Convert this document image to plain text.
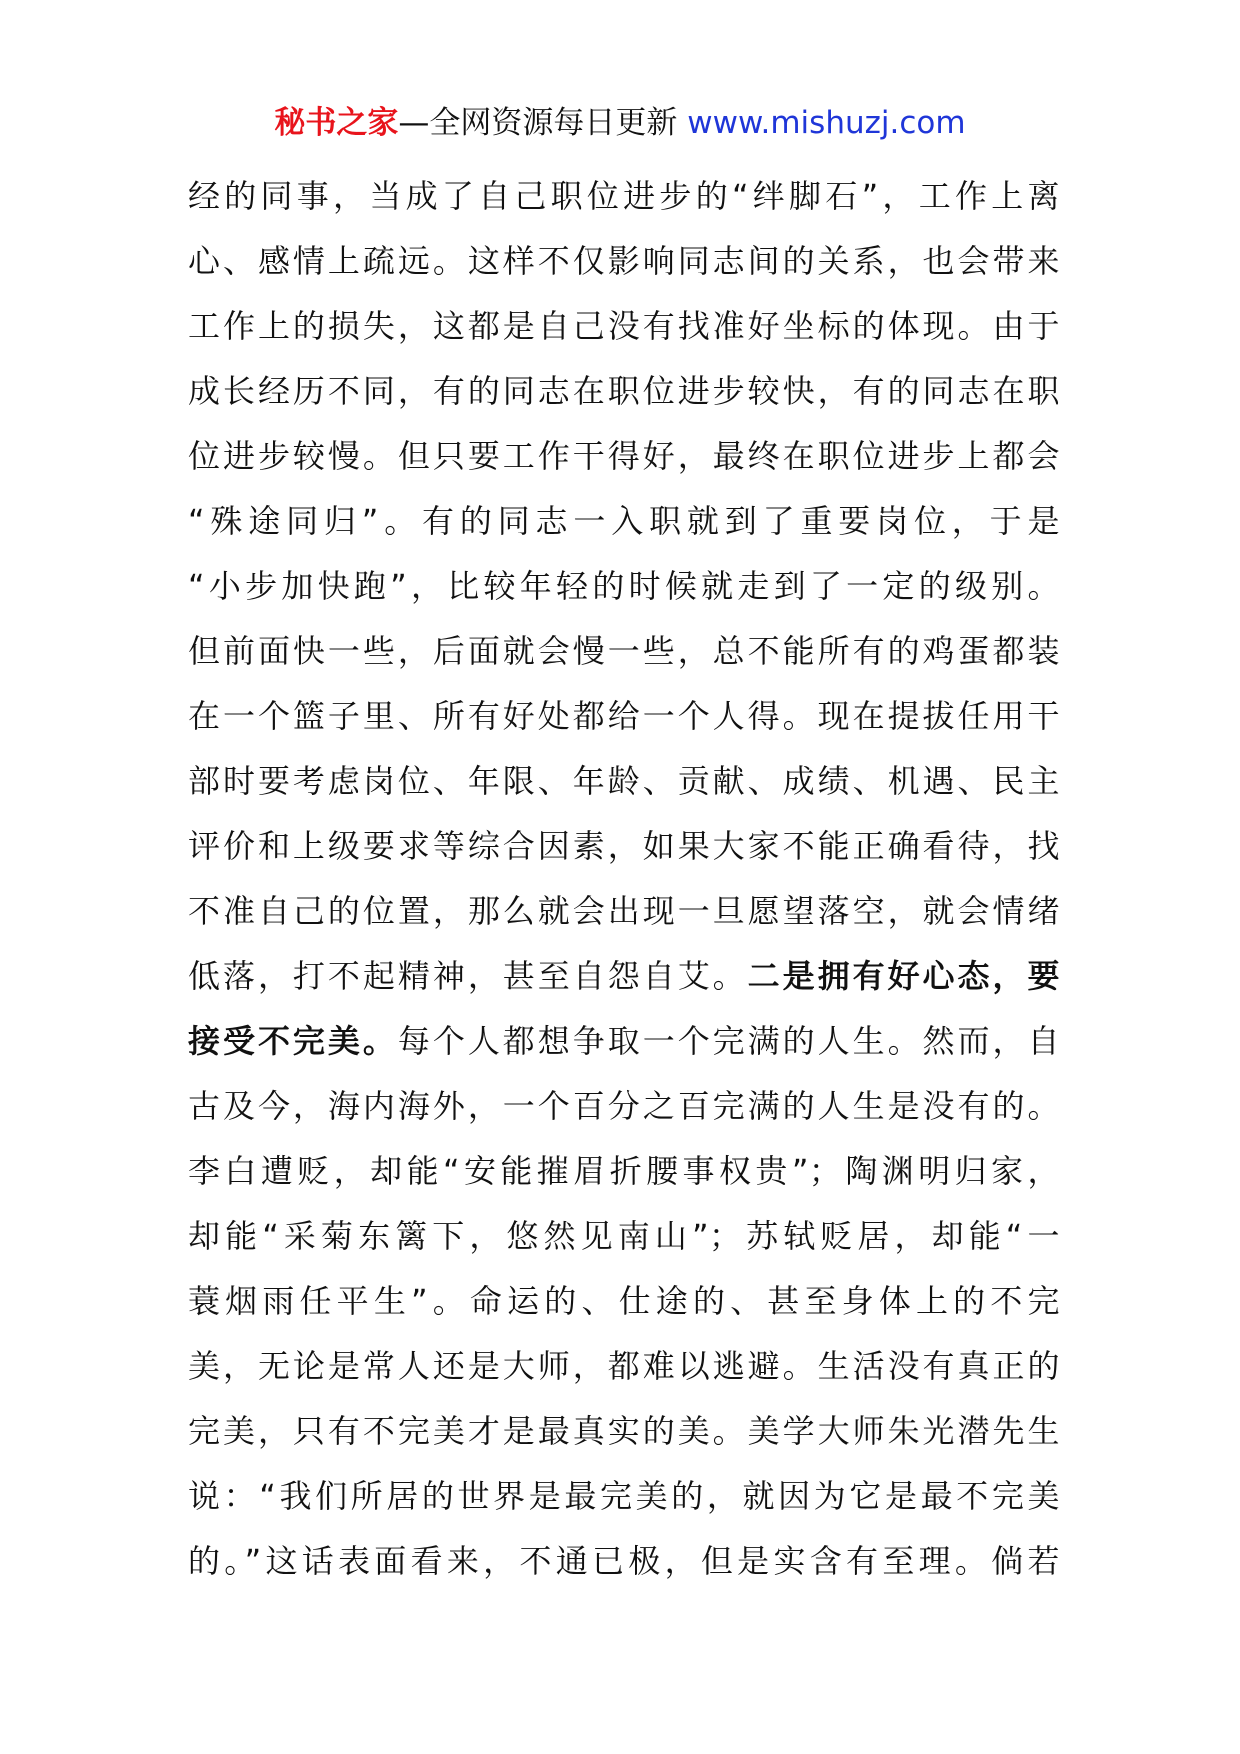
秘书之家—全网资源每日更新 www.mishuzj.com
经的同事，当成了自己职位进步的“绊脚石”，工作上离
心、感情上疏远。这样不仅影响同志间的关系，也会带来
工作上的损失，这都是自己没有找准好坐标的体现。由于
成长经历不同，有的同志在职位进步较快，有的同志在职
位进步较慢。但只要工作干得好，最终在职位进步上都会
“殊途同归”。有的同志一入职就到了重要岗位，于是
“小步加快跑”，比较年轻的时候就走到了一定的级别。
但前面快一些，后面就会慢一些，总不能所有的鸡蛋都装
在一个篮子里、所有好处都给一个人得。现在提拔任用干
部时要考虑岗位、年限、年龄、贡献、成绩、机遇、民主
评价和上级要求等综合因素，如果大家不能正确看待，找
不准自己的位置，那么就会出现一旦愿望落空，就会情绪
低落，打不起精神，甚至自怨自艾。二是拥有好心态，要
接受不完美。每个人都想争取一个完满的人生。然而，自
古及今，海内海外，一个百分之百完满的人生是没有的。
李白遭贬，却能“安能摧眉折腰事权贵”；陶渊明归家，
却能“采菊东篱下，悠然见南山”；苏轼贬居，却能“一
蓑烟雨任平生”。命运的、仕途的、甚至身体上的不完
美，无论是常人还是大师，都难以逃避。生活没有真正的
完美，只有不完美才是最真实的美。美学大师朱光潜先生
说：“我们所居的世界是最完美的，就因为它是最不完美
的。”这话表面看来，不通已极，但是实含有至理。倘若
